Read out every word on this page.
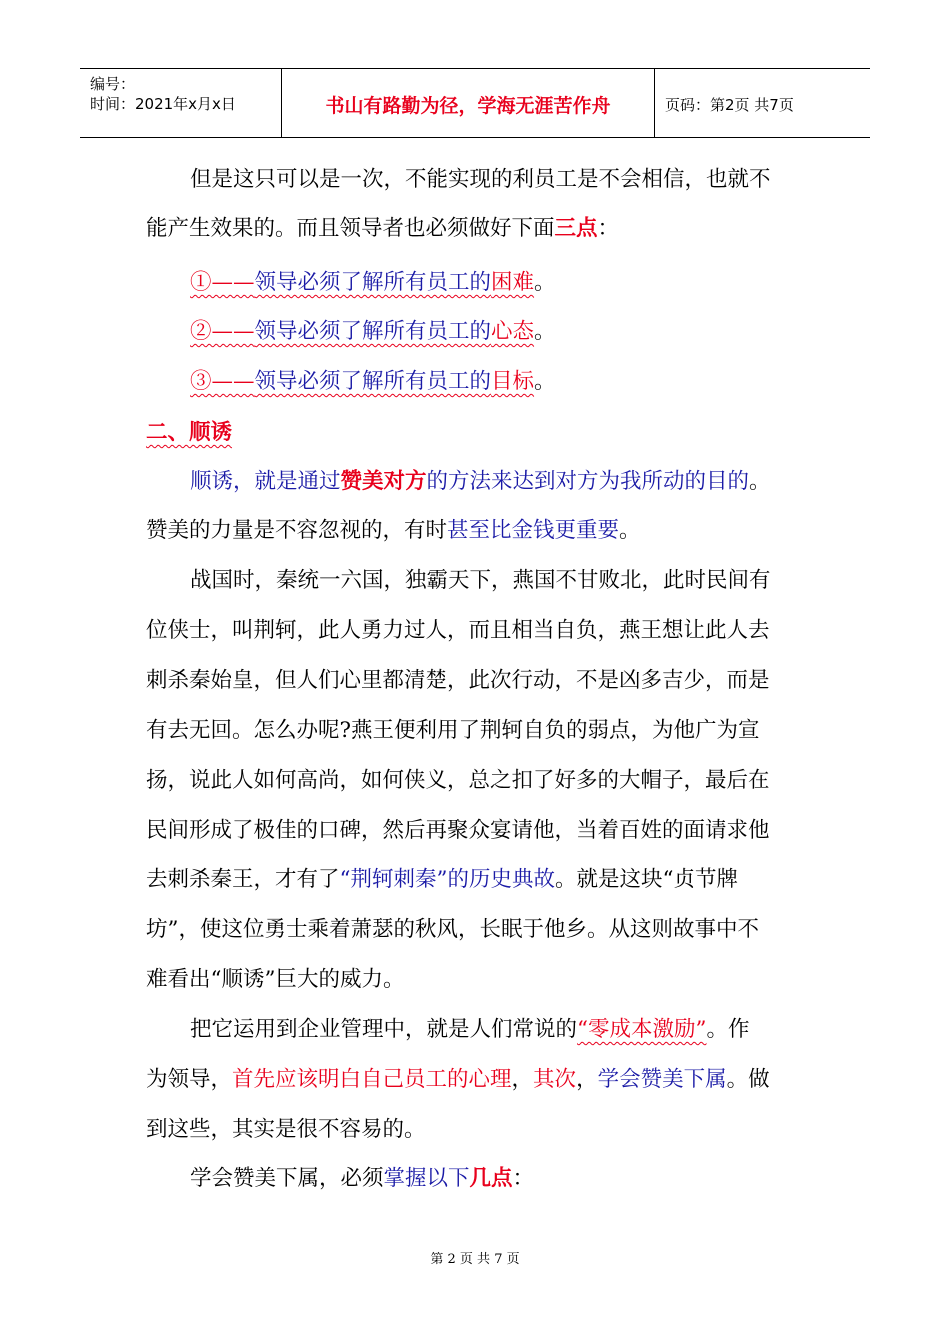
编号：
时间：2021年x月x日	书山有路勤为径，学海无涯苦作舟	页码：第2页 共7页
但是这只可以是一次，不能实现的利员工是不会相信，也就不
能产生效果的。而且领导者也必须做好下面三点：
①——领导必须了解所有员工的困难。
②——领导必须了解所有员工的心态。
③——领导必须了解所有员工的目标。
二、顺诱
顺诱，就是通过赞美对方的方法来达到对方为我所动的目的。
赞美的力量是不容忽视的，有时甚至比金钱更重要。
战国时，秦统一六国，独霸天下，燕国不甘败北，此时民间有
位侠士，叫荆轲，此人勇力过人，而且相当自负，燕王想让此人去
刺杀秦始皇，但人们心里都清楚，此次行动，不是凶多吉少，而是
有去无回。怎么办呢?燕王便利用了荆轲自负的弱点，为他广为宣
扬，说此人如何高尚，如何侠义，总之扣了好多的大帽子，最后在
民间形成了极佳的口碑，然后再聚众宴请他，当着百姓的面请求他
去刺杀秦王，才有了“荆轲刺秦”的历史典故。就是这块“贞节牌
坊”，使这位勇士乘着萧瑟的秋风，长眠于他乡。从这则故事中不
难看出“顺诱”巨大的威力。
把它运用到企业管理中，就是人们常说的“零成本激励”。作
为领导，首先应该明白自己员工的心理，其次，学会赞美下属。做
到这些，其实是很不容易的。
学会赞美下属，必须掌握以下几点：
第 2 页 共 7 页
